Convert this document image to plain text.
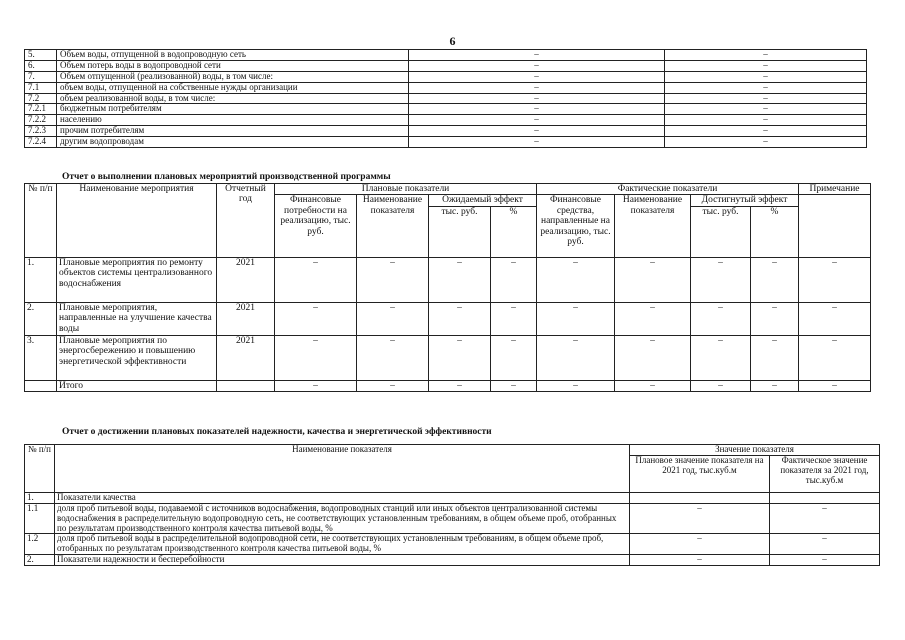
6
5.	Объем воды, отпущенной в водопроводную сеть	–	–
6.	Объем потерь воды в водопроводной сети	–	–
7.	Объем отпущенной (реализованной) воды, в том числе:	–	–
7.1	объем воды, отпущенной на собственные нужды организации	–	–
7.2	объем реализованной воды, в том числе:	–	–
7.2.1	бюджетным потребителям	–	–
7.2.2	населению	–	–
7.2.3	прочим потребителям	–	–
7.2.4	другим водопроводам	–	–
Отчет о выполнении плановых мероприятий производственной программы
№ п/п	Наименование мероприятия	Отчетный год	Плановые показатели				Фактические показатели				Примечание
			Финансовые потребности на реализацию, тыс. руб.	Наименование показателя	Ожидаемый эффект		Финансовые средства, направленные на реализацию, тыс. руб.	Наименование показателя	Достигнутый эффект		
					тыс. руб.	%			тыс. руб.	%	
1.	Плановые мероприятия по ремонту объектов системы централизованного водоснабжения	2021	–	–	–	–	–	–	–	–	–
2.	Плановые мероприятия, направленные на улучшение качества воды	2021	–	–	–	–	–	–	–	–	–
3.	Плановые мероприятия по энергосбережению и повышению энергетической эффективности	2021	–	–	–	–	–	–	–	–	–
	Итого		–	–	–	–	–	–	–	–	–
Отчет о достижении плановых показателей надежности, качества и энергетической эффективности
№ п/п	Наименование показателя	Значение показателя	
		Плановое значение показателя на 2021 год, тыс.куб.м	Фактическое значение показателя за 2021 год, тыс.куб.м
1.	Показатели качества		
1.1	доля проб питьевой воды, подаваемой с источников водоснабжения, водопроводных станций или иных объектов централизованной системы водоснабжения в распределительную водопроводную сеть, не соответствующих установленным требованиям, в общем объеме проб, отобранных по результатам производственного контроля качества питьевой воды, %	–	–
1.2	доля проб питьевой воды в распределительной водопроводной сети, не соответствующих установленным требованиям, в общем объеме проб, отобранных по результатам производственного контроля качества питьевой воды, %	–	–
2.	Показатели надежности и бесперебойности	–	–
